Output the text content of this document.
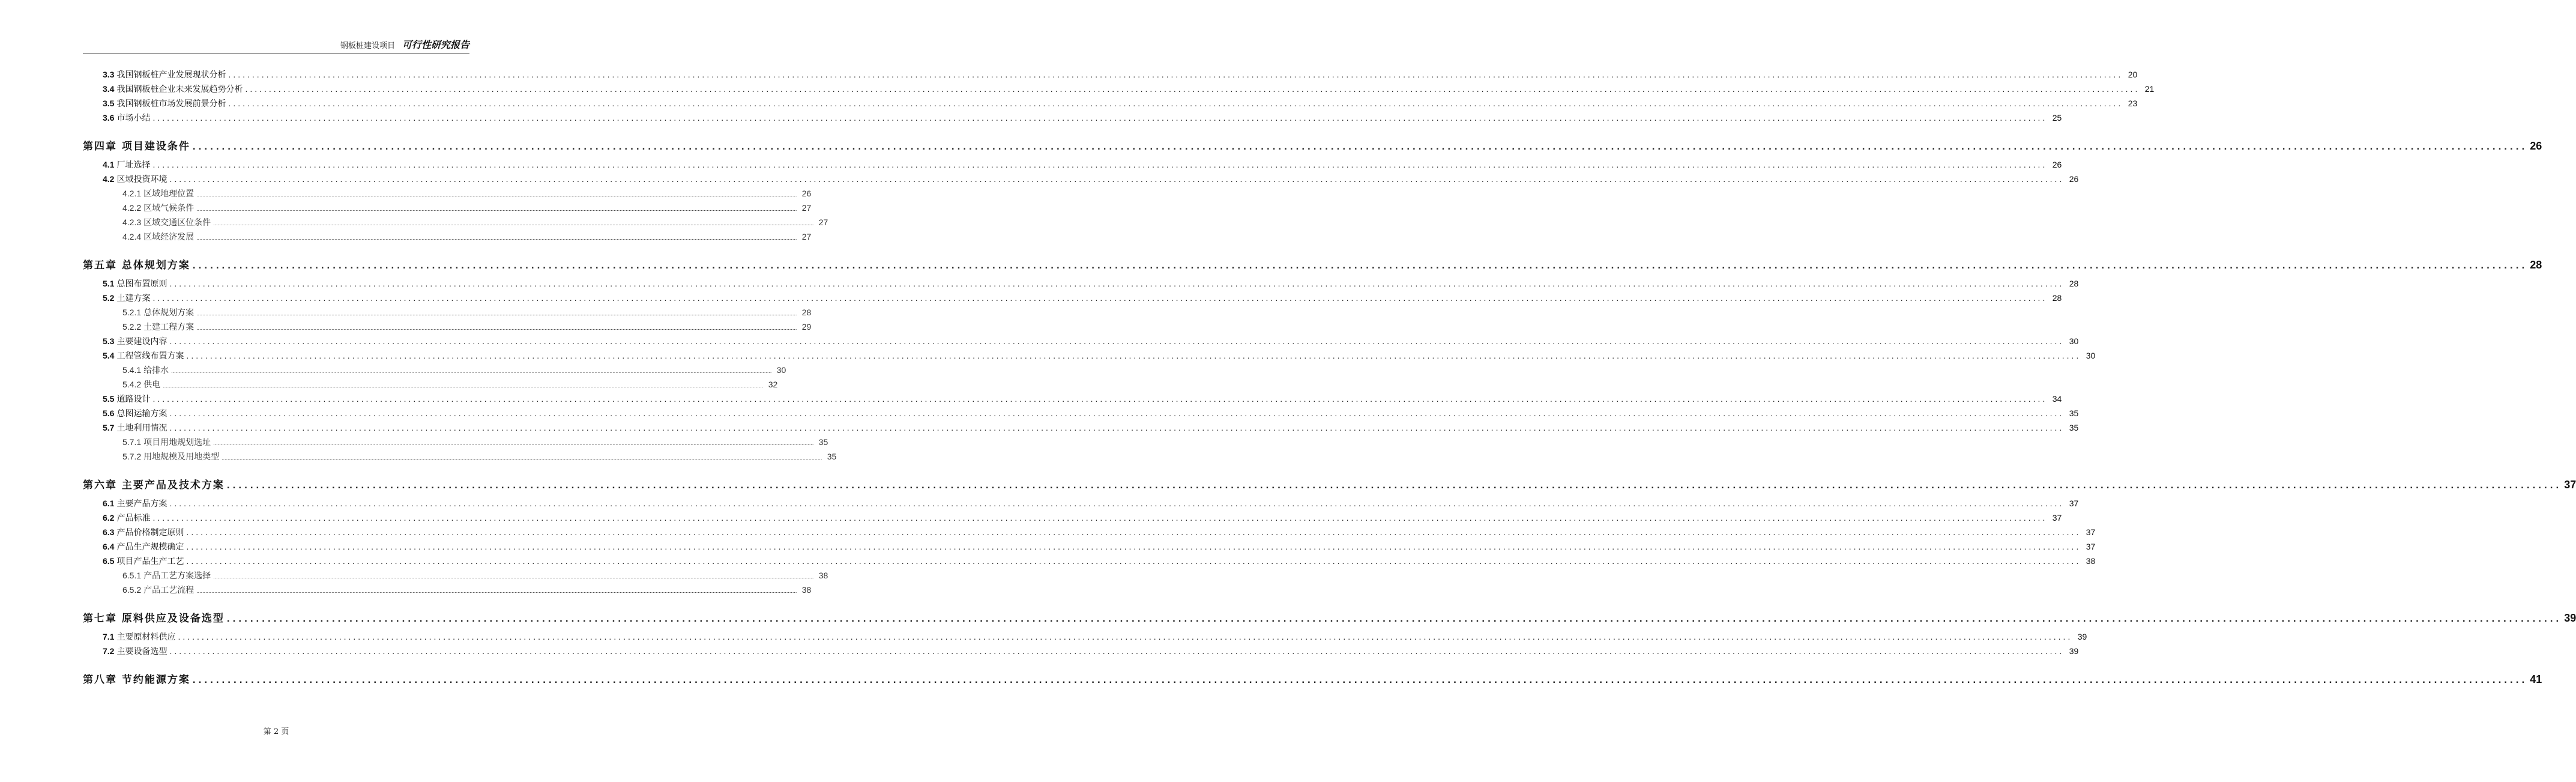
钢板桩建设项目 可行性研究报告
3.3 我国钢板桩产业发展现状分析 ................................................................................................................................................................................................................................................................................................................................................................................................................ 20
3.4 我国钢板桩企业未来发展趋势分析 ................................................................................................................................................................................................................................................................................................................................................................................................................ 21
3.5 我国钢板桩市场发展前景分析 ................................................................................................................................................................................................................................................................................................................................................................................................................ 23
3.6 市场小结 ................................................................................................................................................................................................................................................................................................................................................................................................................ 25
第四章 项目建设条件 ................................................................................................................................................................................................................................................................................................................................................................................................................ 26
4.1 厂址选择 ................................................................................................................................................................................................................................................................................................................................................................................................................ 26
4.2 区域投资环境 ................................................................................................................................................................................................................................................................................................................................................................................................................ 26
4.2.1 区域地理位置 ................................................................................................................................................................................................................................................................................................................................................................................................................ 26
4.2.2 区域气候条件 ................................................................................................................................................................................................................................................................................................................................................................................................................ 27
4.2.3 区域交通区位条件 ................................................................................................................................................................................................................................................................................................................................................................................................................ 27
4.2.4 区域经济发展 ................................................................................................................................................................................................................................................................................................................................................................................................................ 27
第五章 总体规划方案 ................................................................................................................................................................................................................................................................................................................................................................................................................ 28
5.1 总图布置原则 ................................................................................................................................................................................................................................................................................................................................................................................................................ 28
5.2 土建方案 ................................................................................................................................................................................................................................................................................................................................................................................................................ 28
5.2.1 总体规划方案 ................................................................................................................................................................................................................................................................................................................................................................................................................ 28
5.2.2 土建工程方案 ................................................................................................................................................................................................................................................................................................................................................................................................................ 29
5.3 主要建设内容 ................................................................................................................................................................................................................................................................................................................................................................................................................ 30
5.4 工程管线布置方案 ................................................................................................................................................................................................................................................................................................................................................................................................................ 30
5.4.1 给排水 ................................................................................................................................................................................................................................................................................................................................................................................................................ 30
5.4.2 供电 ................................................................................................................................................................................................................................................................................................................................................................................................................ 32
5.5 道路设计 ................................................................................................................................................................................................................................................................................................................................................................................................................ 34
5.6 总图运输方案 ................................................................................................................................................................................................................................................................................................................................................................................................................ 35
5.7 土地利用情况 ................................................................................................................................................................................................................................................................................................................................................................................................................ 35
5.7.1 项目用地规划选址 ................................................................................................................................................................................................................................................................................................................................................................................................................ 35
5.7.2 用地规模及用地类型 ................................................................................................................................................................................................................................................................................................................................................................................................................ 35
第六章 主要产品及技术方案 ................................................................................................................................................................................................................................................................................................................................................................................................................ 37
6.1 主要产品方案 ................................................................................................................................................................................................................................................................................................................................................................................................................ 37
6.2 产品标准 ................................................................................................................................................................................................................................................................................................................................................................................................................ 37
6.3 产品价格制定原则 ................................................................................................................................................................................................................................................................................................................................................................................................................ 37
6.4 产品生产规模确定 ................................................................................................................................................................................................................................................................................................................................................................................................................ 37
6.5 项目产品生产工艺 ................................................................................................................................................................................................................................................................................................................................................................................................................ 38
6.5.1 产品工艺方案选择 ................................................................................................................................................................................................................................................................................................................................................................................................................ 38
6.5.2 产品工艺流程 ................................................................................................................................................................................................................................................................................................................................................................................................................ 38
第七章 原料供应及设备选型 ................................................................................................................................................................................................................................................................................................................................................................................................................ 39
7.1 主要原材料供应 ................................................................................................................................................................................................................................................................................................................................................................................................................ 39
7.2 主要设备选型 ................................................................................................................................................................................................................................................................................................................................................................................................................ 39
第八章 节约能源方案 ................................................................................................................................................................................................................................................................................................................................................................................................................ 41
第 2 页
